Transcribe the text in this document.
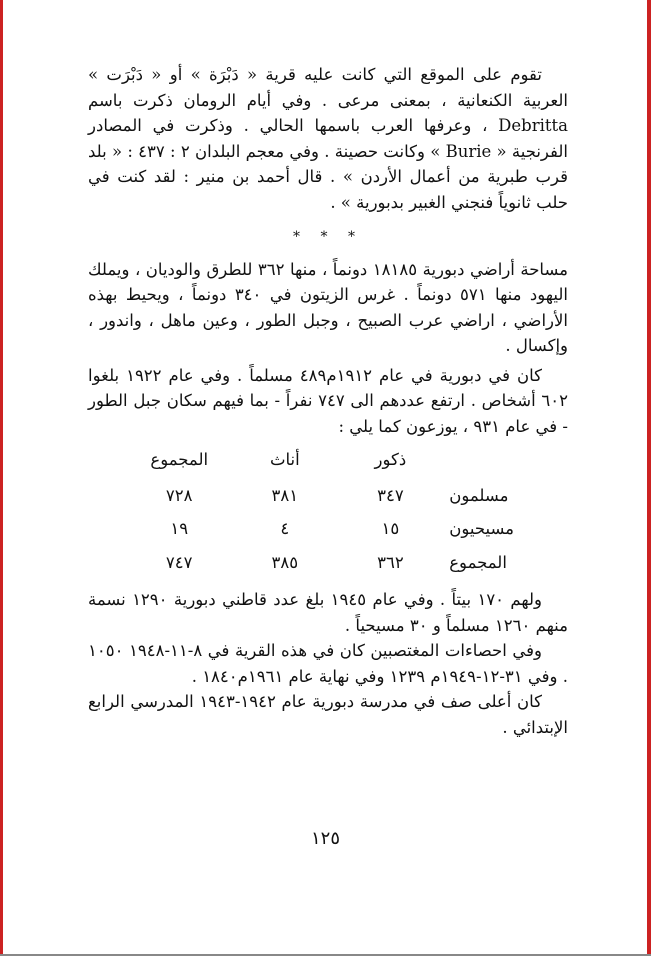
تقوم على الموقع التي كانت عليه قرية « دَبْرَة » أو « دَبْرَت » العربية الكنعانية ، بمعنى مرعى . وفي أيام الرومان ذكرت باسم Debritta ، وعرفها العرب باسمها الحالي . وذكرت في المصادر الفرنجية « Burie » وكانت حصينة . وفي معجم البلدان ٢ : ٤٣٧ : « بلد قرب طبرية من أعمال الأردن » . قال أحمد بن منير : لقد كنت في حلب ثانوياً فنجني الغبير بدبورية » .

* * *

مساحة أراضي دبورية ١٨١٨٥ دونماً ، منها ٣٦٢ للطرق والوديان ، ويملك اليهود منها ٥٧١ دونماً . غرس الزيتون في ٣٤٠ دونماً ، ويحيط بهذه الأراضي ، اراضي عرب الصبيح ، وجبل الطور ، وعين ماهل ، واندور ، وإكسال .

كان في دبورية في عام ١٩١٢م٤٨٩ مسلماً . وفي عام ١٩٢٢ بلغوا ٦٠٢ أشخاص . ارتفع عددهم الى ٧٤٧ نفراً - بما فيهم سكان جبل الطور - في عام ٩٣١ ، يوزعون كما يلي :

	ذكور	أناث	المجموع	
مسلمون	٣٤٧	٣٨١	٧٢٨	
مسيحيون	١٥	٤	١٩	
المجموع	٣٦٢	٣٨٥	٧٤٧	

ولهم ١٧٠ بيتاً . وفي عام ١٩٤٥ بلغ عدد قاطني دبورية ١٢٩٠ نسمة منهم ١٢٦٠ مسلماً و ٣٠ مسيحياً .

وفي احصاءات المغتصبين كان في هذه القرية في ٨-١١-١٩٤٨ ١٠٥٠ . وفي ٣١-١٢-١٩٤٩م ١٢٣٩ وفي نهاية عام ١٩٦١م١٨٤٠ .

كان أعلى صف في مدرسة دبورية عام ١٩٤٢-١٩٤٣ المدرسي الرابع الإبتدائي .

١٢٥
